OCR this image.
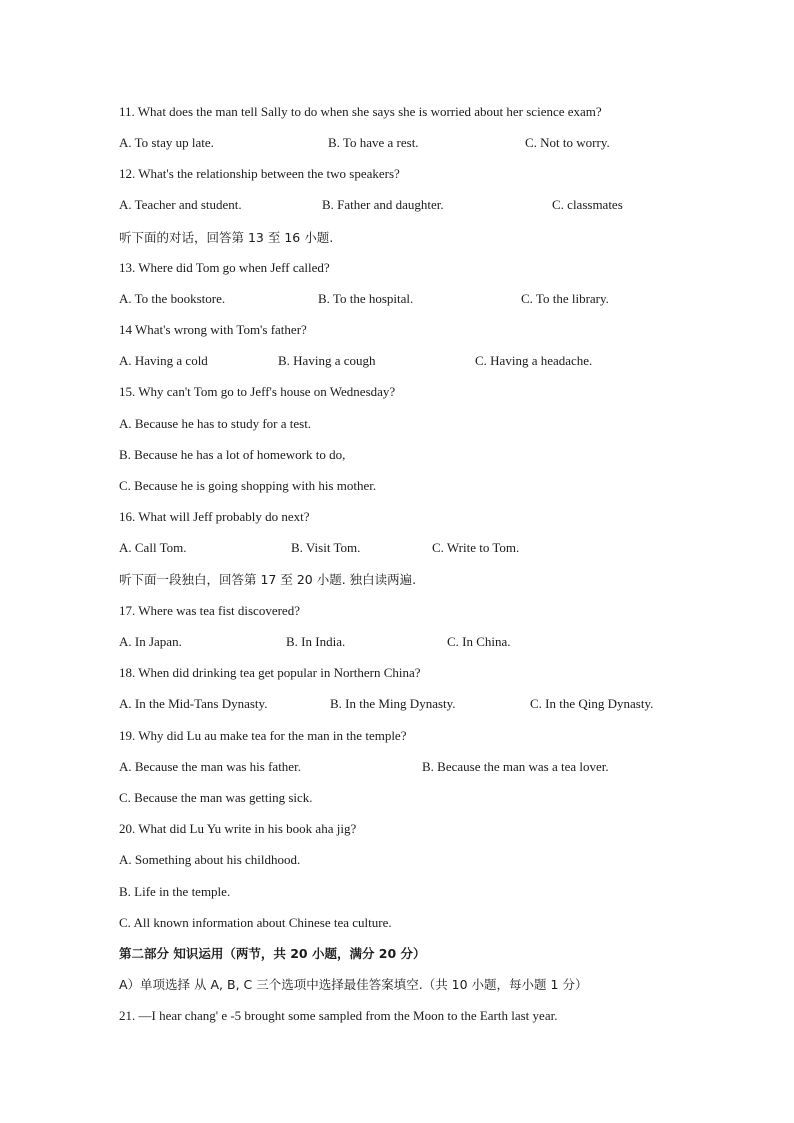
11. What does the man tell Sally to do when she says she is worried about her science exam?
A. To stay up late.	B. To have a rest.	C. Not to worry.
12. What's the relationship between the two speakers?
A. Teacher and student.	B. Father and daughter.	C. classmates
听下面的对话，回答第 13 至 16 小题.
13. Where did Tom go when Jeff called?
A. To the bookstore.	B. To the hospital.	C. To the library.
14 What's wrong with Tom's father?
A. Having a cold	B. Having a cough	C. Having a headache.
15. Why can't Tom go to Jeff's house on Wednesday?
A. Because he has to study for a test.
B. Because he has a lot of homework to do,
C. Because he is going shopping with his mother.
16. What will Jeff probably do next?
A. Call Tom.	B. Visit Tom.	C. Write to Tom.
听下面一段独白，回答第 17 至 20 小题. 独白读两遍.
17. Where was tea fist discovered?
A. In Japan.	B. In India.	C. In China.
18. When did drinking tea get popular in Northern China?
A. In the Mid-Tans Dynasty.	B. In the Ming Dynasty.	C. In the Qing Dynasty.
19. Why did Lu au make tea for the man in the temple?
A. Because the man was his father.	B. Because the man was a tea lover.
C. Because the man was getting sick.
20. What did Lu Yu write in his book aha jig?
A. Something about his childhood.
B. Life in the temple.
C. All known information about Chinese tea culture.
第二部分 知识运用（两节，共 20 小题，满分 20 分）
A）单项选择 从 A, B, C 三个选项中选择最佳答案填空.（共 10 小题，每小题 1 分）
21. —I hear chang' e -5 brought some sampled from the Moon to the Earth last year.
